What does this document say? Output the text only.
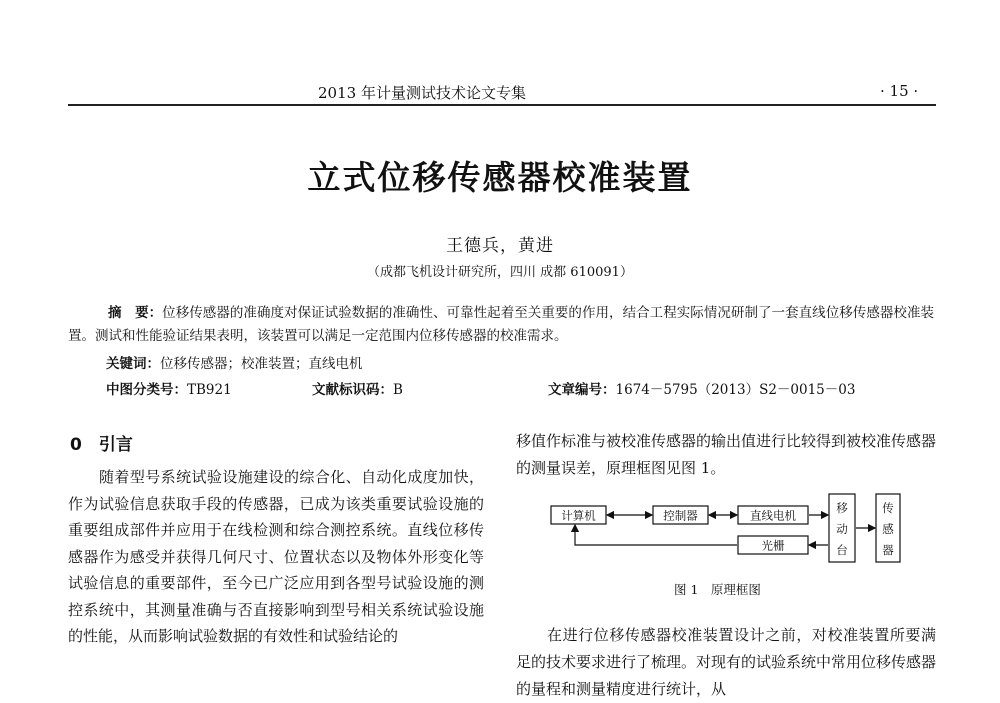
2013 年计量测试技术论文专集	· 15 ·
立式位移传感器校准装置
王德兵，黄进
（成都飞机设计研究所，四川 成都 610091）

摘　要：位移传感器的准确度对保证试验数据的准确性、可靠性起着至关重要的作用，结合工程实际情况研制了一套直线位移传感器校准装置。测试和性能验证结果表明，该装置可以满足一定范围内位移传感器的校准需求。

关键词：位移传感器；校准装置；直线电机
中图分类号：TB921	文献标识码：B	文章编号：1674－5795（2013）S2－0015－03
0　引言

随着型号系统试验设施建设的综合化、自动化成度加快，作为试验信息获取手段的传感器，已成为该类重要试验设施的重要组成部件并应用于在线检测和综合测控系统。直线位移传感器作为感受并获得几何尺寸、位置状态以及物体外形变化等试验信息的重要部件，至今已广泛应用到各型号试验设施的测控系统中，其测量准确与否直接影响到型号相关系统试验设施的性能，从而影响试验数据的有效性和试验结论的

移值作标准与被校准传感器的输出值进行比较得到被校准传感器的测量误差，原理框图见图 1。

计算机	控制器	直线电机
光栅
移
动
台
传
感
器
图 1　原理框图

在进行位移传感器校准装置设计之前，对校准装置所要满足的技术要求进行了梳理。对现有的试验系统中常用位移传感器的量程和测量精度进行统计，从
